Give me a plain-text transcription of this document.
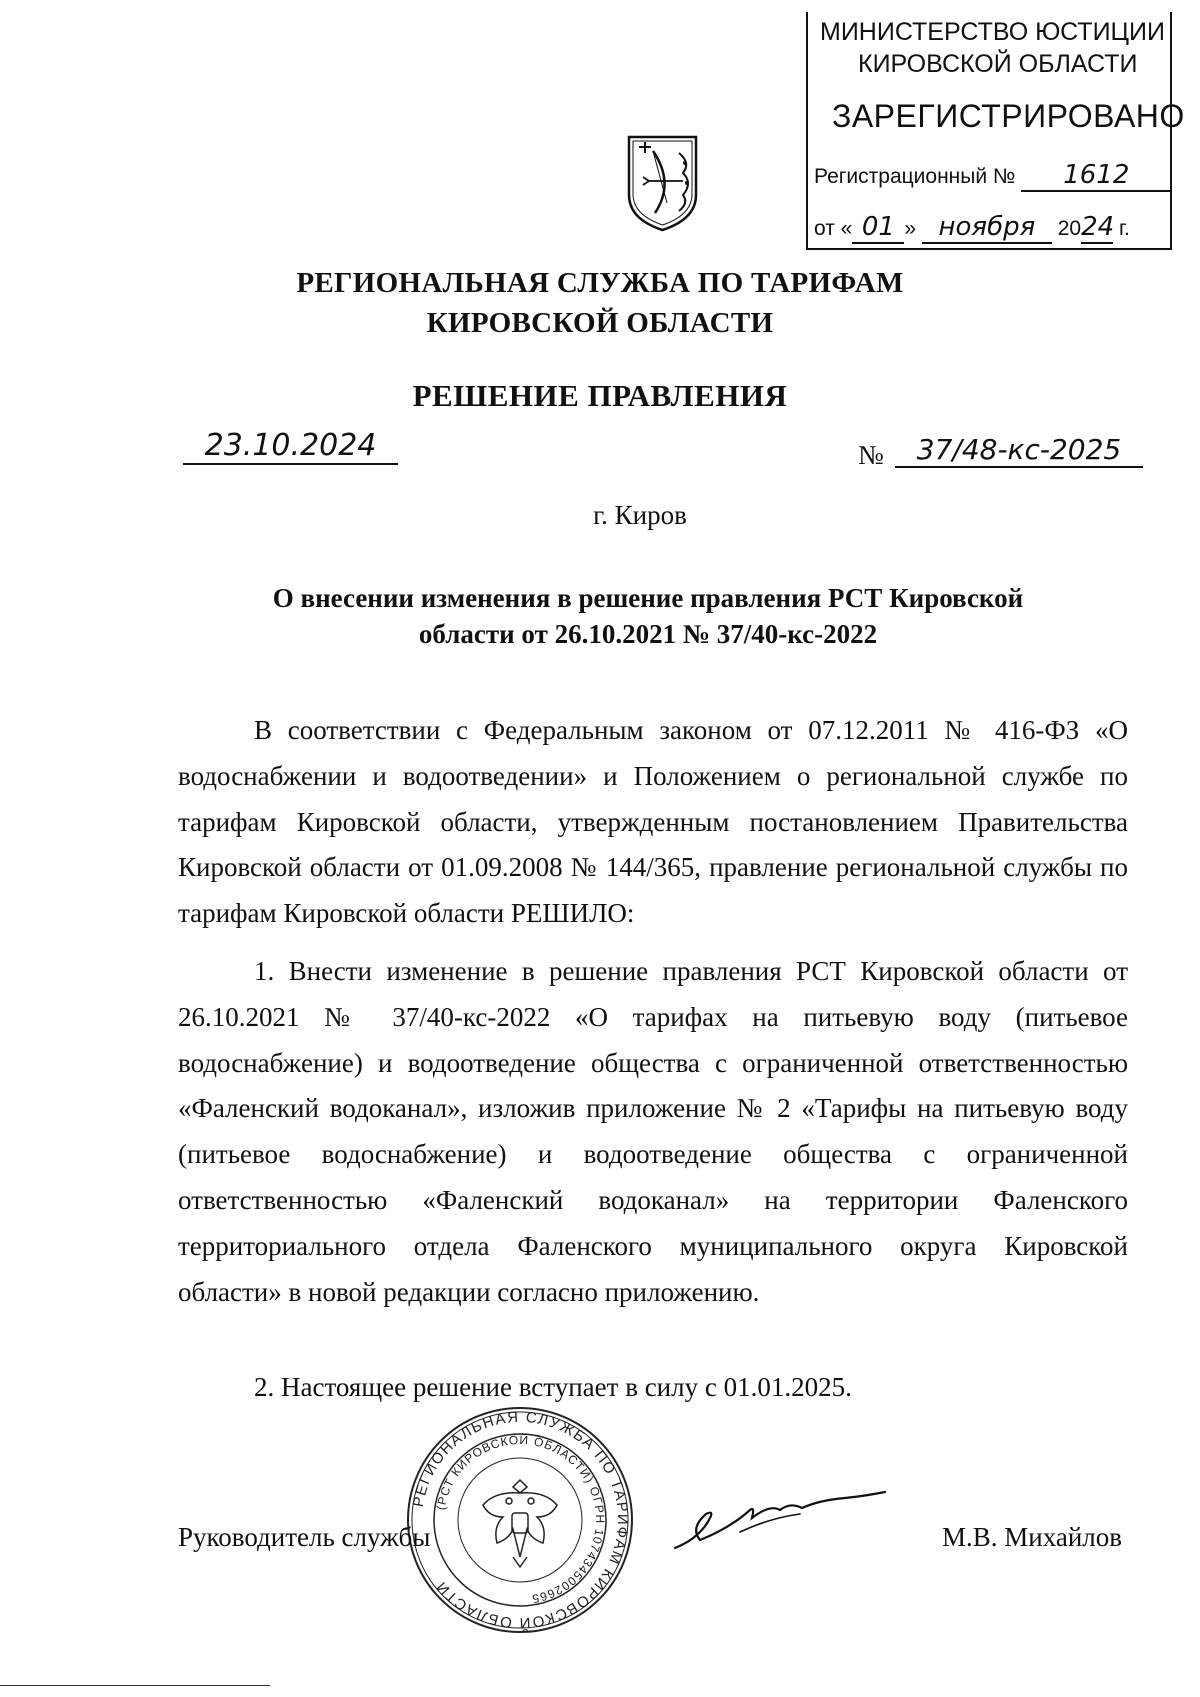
МИНИСТЕРСТВО ЮСТИЦИИ
КИРОВСКОЙ ОБЛАСТИ
ЗАРЕГИСТРИРОВАНО
Регистрационный № 1612
от « 01 » ноября 2024 г.
РЕГИОНАЛЬНАЯ СЛУЖБА ПО ТАРИФАМ
КИРОВСКОЙ ОБЛАСТИ
РЕШЕНИЕ ПРАВЛЕНИЯ
23.10.2024	№	37/48-кс-2025
г. Киров
О внесении изменения в решение правления РСТ Кировской
области от 26.10.2021 № 37/40-кс-2022
В соответствии с Федеральным законом от 07.12.2011 № 416-ФЗ «О водоснабжении и водоотведении» и Положением о региональной службе по тарифам Кировской области, утвержденным постановлением Правительства Кировской области от 01.09.2008 № 144/365, правление региональной службы по тарифам Кировской области РЕШИЛО:
1. Внести изменение в решение правления РСТ Кировской области от 26.10.2021 № 37/40-кс-2022 «О тарифах на питьевую воду (питьевое водоснабжение) и водоотведение общества с ограниченной ответственностью «Фаленский водоканал», изложив приложение № 2 «Тарифы на питьевую воду (питьевое водоснабжение) и водоотведение общества с ограниченной ответственностью «Фаленский водоканал» на территории Фаленского территориального отдела Фаленского муниципального округа Кировской области» в новой редакции согласно приложению.
2. Настоящее решение вступает в силу с 01.01.2025.
РЕГИОНАЛЬНАЯ СЛУЖБА ПО ТАРИФАМ КИРОВСКОЙ ОБЛАСТИ
(РСТ КИРОВСКОЙ ОБЛАСТИ) ОГРН 1074345002665
Руководитель службы	М.В. Михайлов
